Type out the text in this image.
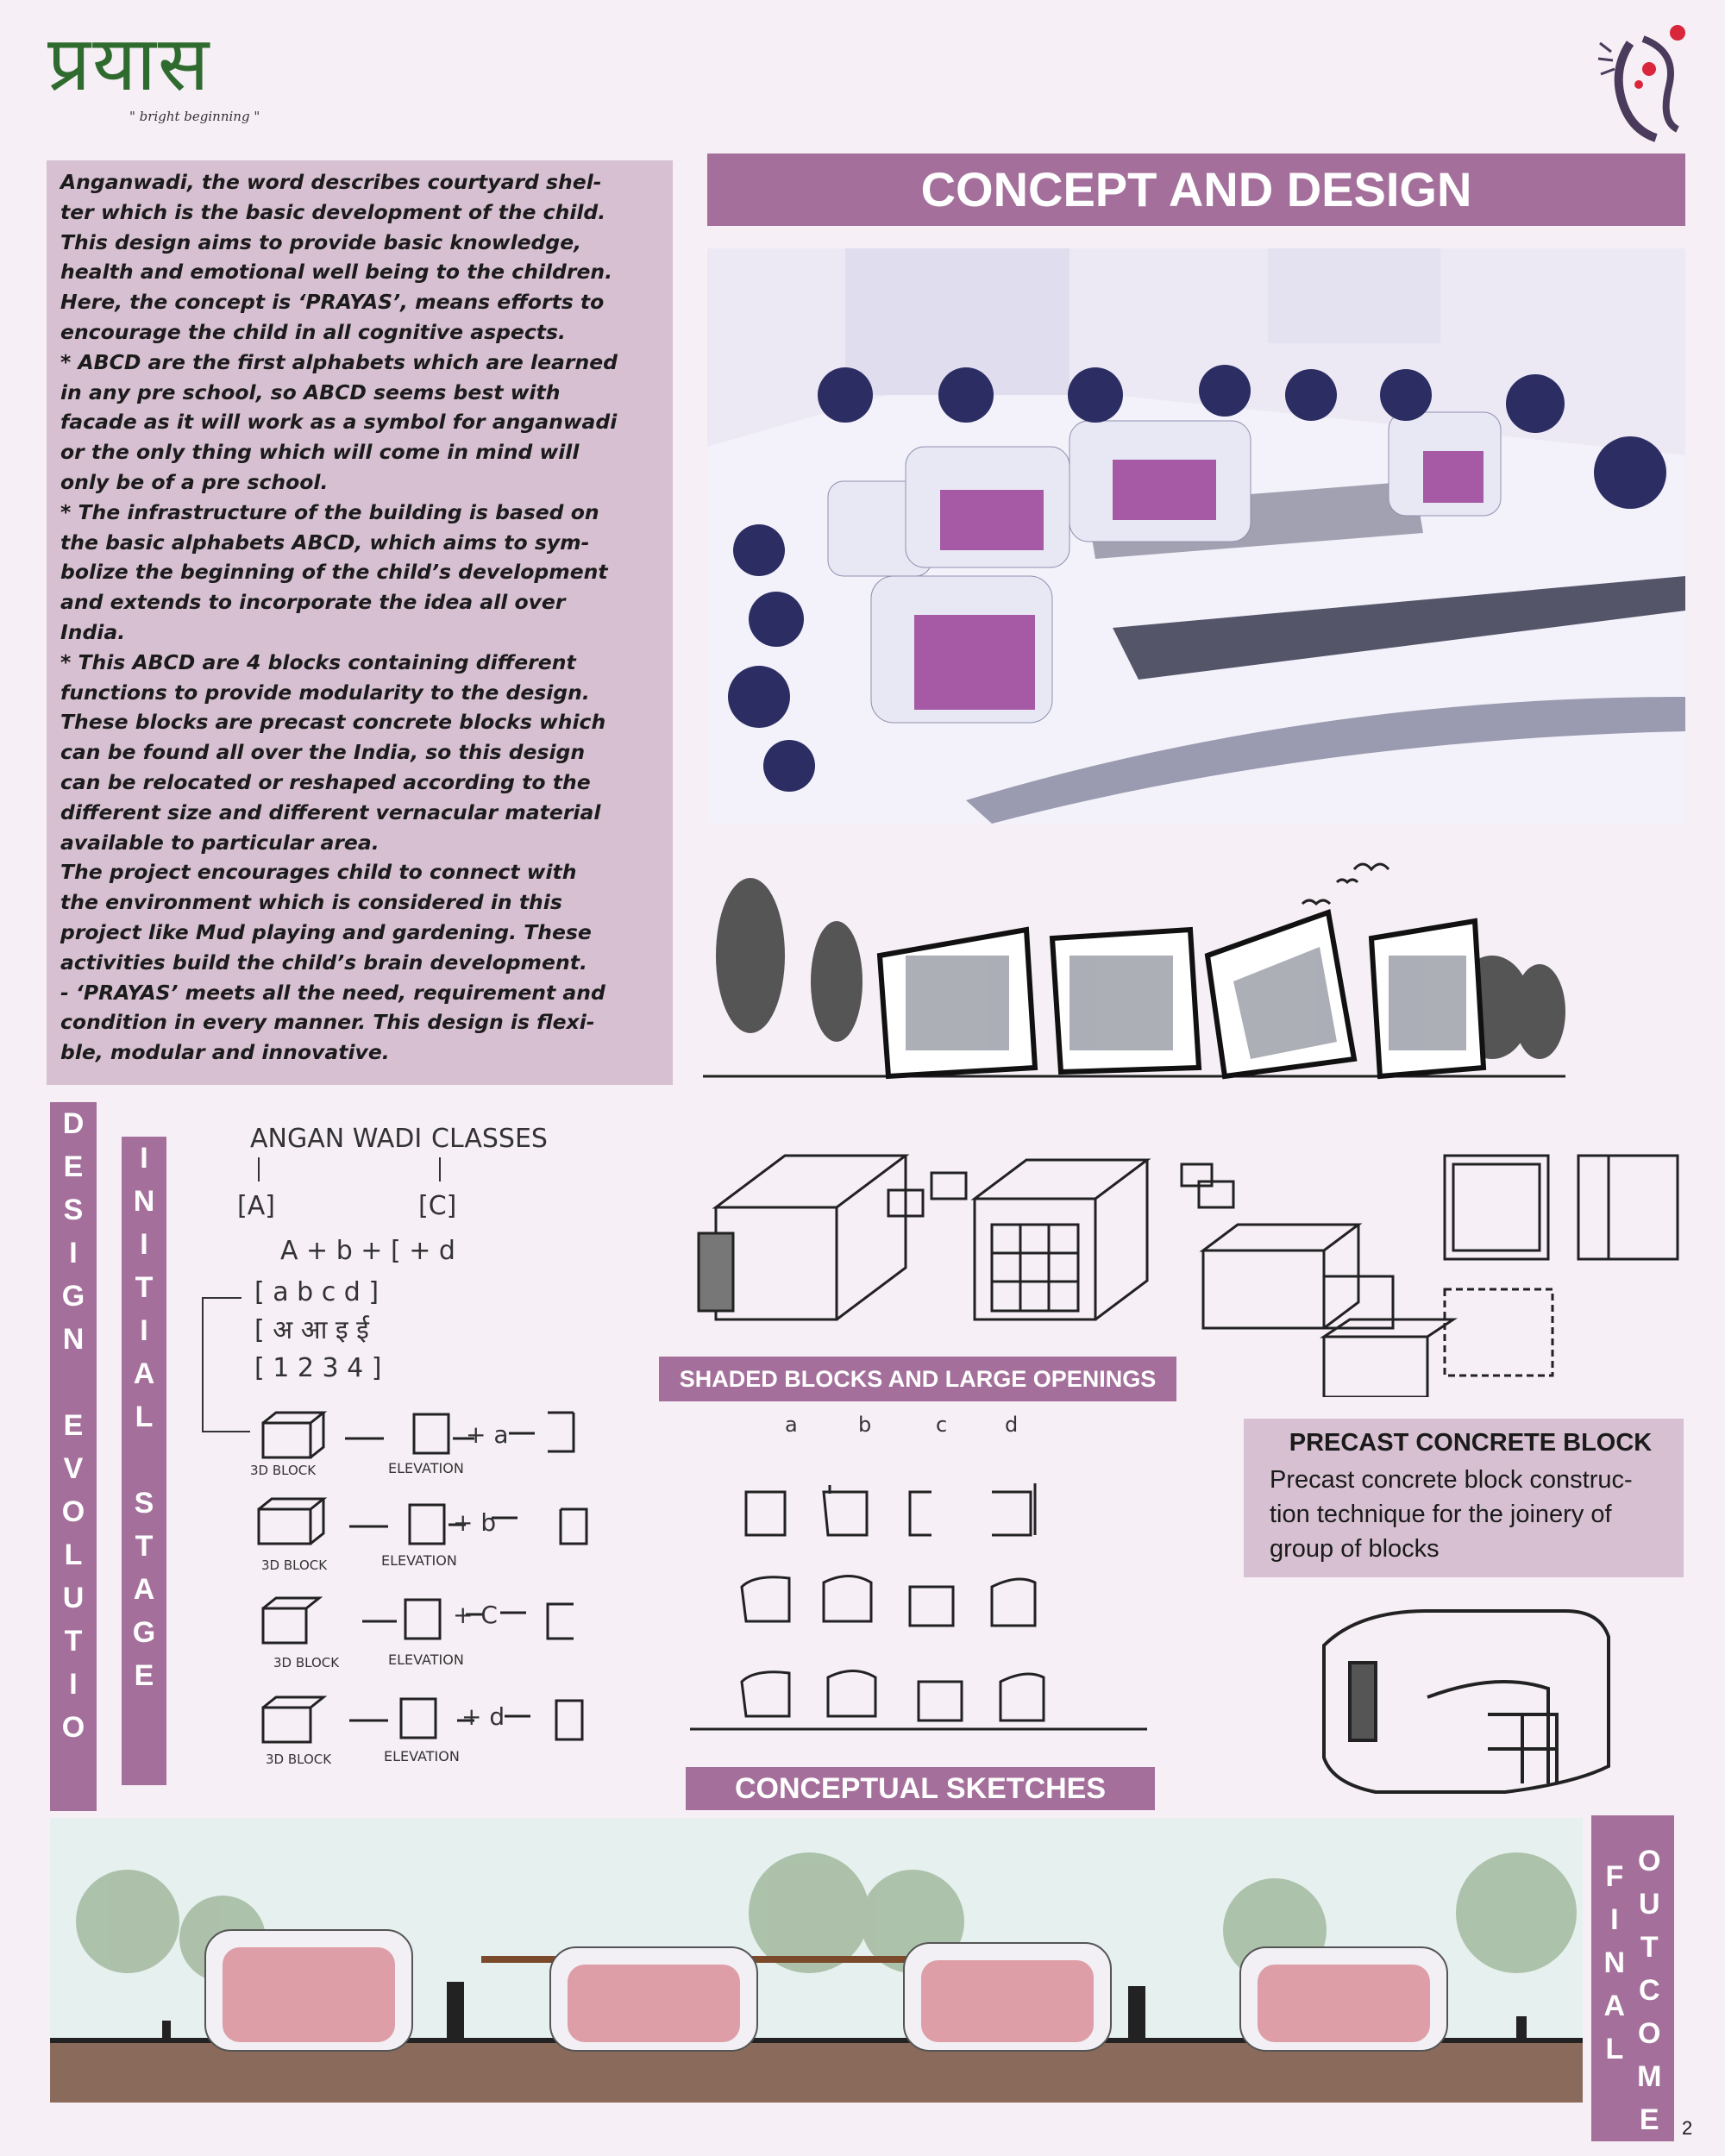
प्रयास
" bright beginning "

Anganwadi, the word describes courtyard shel-
ter which is the basic development of the child.
This design aims to provide basic knowledge,
health and emotional well being to the children.
Here, the concept is ‘PRAYAS’, means efforts to
encourage the child in all cognitive aspects.
* ABCD are the first alphabets which are learned
in any pre school, so ABCD seems best with
facade as it will work as a symbol for anganwadi
or the only thing which will come in mind will
only be of a pre school.
* The infrastructure of the building is based on
the basic alphabets ABCD, which aims to sym-
bolize the beginning of the child’s development
and extends to incorporate the idea all over
India.
* This ABCD are 4 blocks containing different
functions to provide modularity to the design.
These blocks are precast concrete blocks which
can be found all over the India, so this design
can be relocated or reshaped according to the
different size and different vernacular material
available to particular area.
The project encourages child to connect with
the environment which is considered in this
project like Mud playing and gardening. These
activities build the child’s brain development.
- ‘PRAYAS’ meets all the need, requirement and
condition in every manner. This design is flexi-
ble, modular and innovative.

CONCEPT AND DESIGN
D
E
S
I
G
N
E
V
O
L
U
T
I
O
I
N
I
T
I
A
L
S
T
A
G
E
F
I
N
A
L
O
U
T
C
O
M
E
ANGAN WADI CLASSES
[A]	[C]
A + b + [ + d
[ a b c d ]
[ अ आ इ ई
[ 1 2 3 4 ]
+ a
+ b
+ C
+ d
3D BLOCK
3D BLOCK
3D BLOCK
3D BLOCK
ELEVATION
ELEVATION
ELEVATION
ELEVATION
SHADED BLOCKS AND LARGE OPENINGS
a	b	c	d
CONCEPTUAL SKETCHES
PRECAST CONCRETE BLOCK
Precast concrete block construc-
tion technique for the joinery of
group of blocks
2
